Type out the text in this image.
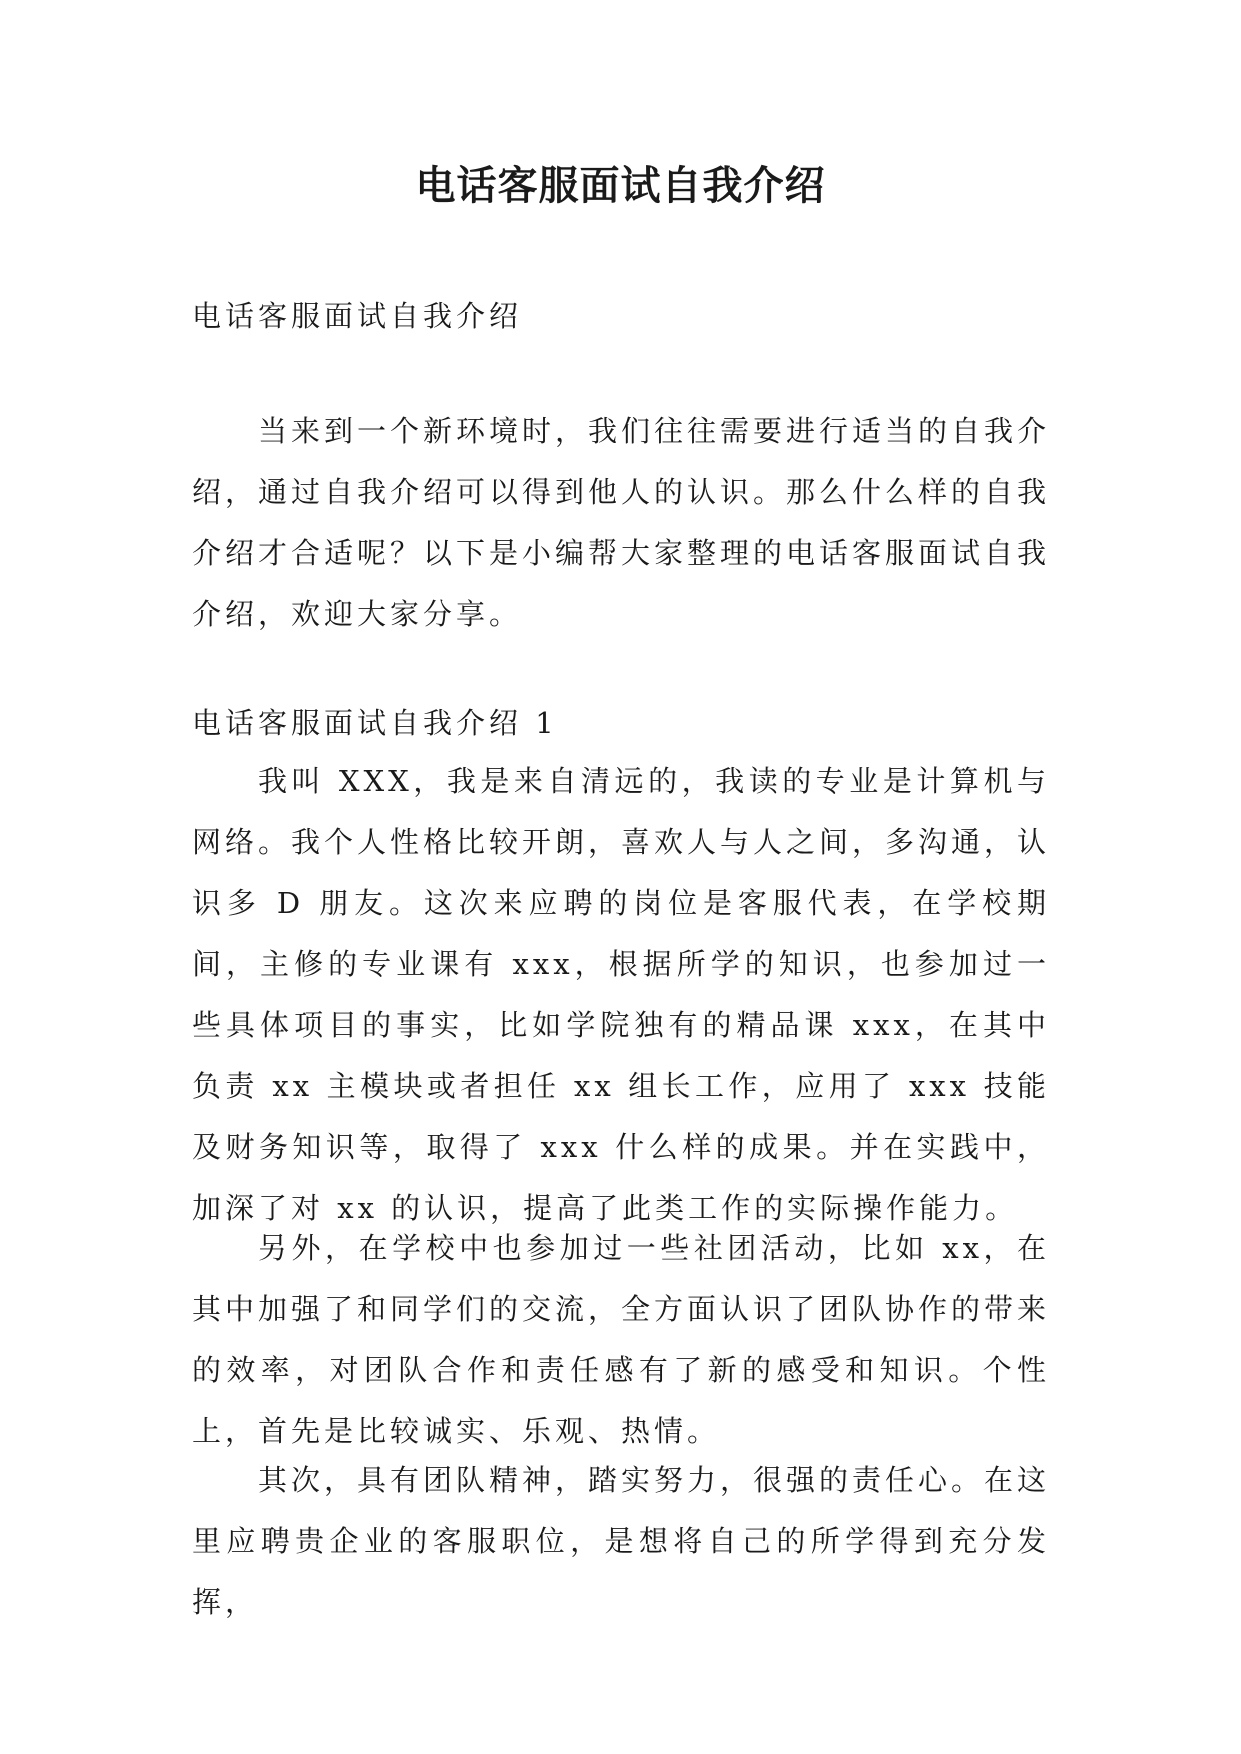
电话客服面试自我介绍

电话客服面试自我介绍

当来到一个新环境时，我们往往需要进行适当的自我介绍，通过自我介绍可以得到他人的认识。那么什么样的自我介绍才合适呢？以下是小编帮大家整理的电话客服面试自我介绍，欢迎大家分享。

电话客服面试自我介绍 1

我叫 XXX，我是来自清远的，我读的专业是计算机与网络。我个人性格比较开朗，喜欢人与人之间，多沟通，认识多 D 朋友。这次来应聘的岗位是客服代表，在学校期间，主修的专业课有 xxx，根据所学的知识，也参加过一些具体项目的事实，比如学院独有的精品课 xxx，在其中负责 xx 主模块或者担任 xx 组长工作，应用了 xxx 技能及财务知识等，取得了 xxx 什么样的成果。并在实践中，加深了对 xx 的认识，提高了此类工作的实际操作能力。

另外，在学校中也参加过一些社团活动，比如 xx，在其中加强了和同学们的交流，全方面认识了团队协作的带来的效率，对团队合作和责任感有了新的感受和知识。个性上，首先是比较诚实、乐观、热情。

其次，具有团队精神，踏实努力，很强的责任心。在这里应聘贵企业的客服职位，是想将自己的所学得到充分发挥，
